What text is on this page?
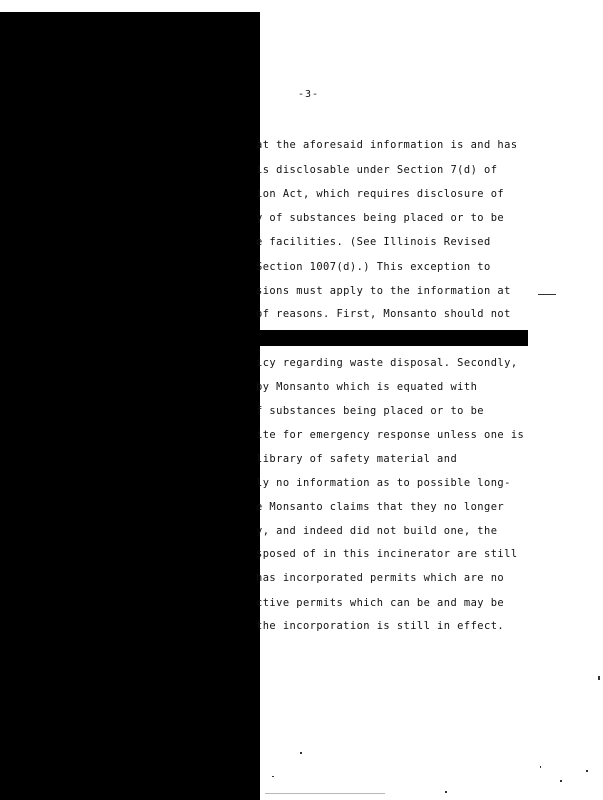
-3-
at the aforesaid information is and has
is disclosable under Section 7(d) of
ion Act, which requires disclosure of
y of substances being placed or to be
e facilities. (See Illinois Revised
Section 1007(d).) This exception to
sions must apply to the information at
of reasons. First, Monsanto should not
icy regarding waste disposal. Secondly,
by Monsanto which is equated with
f substances being placed or to be
ite for emergency response unless one is
library of safety material and
ly no information as to possible long-
e Monsanto claims that they no longer
y, and indeed did not build one, the
sposed of in this incinerator are still
has incorporated permits which are no
ctive permits which can be and may be
the incorporation is still in effect.
